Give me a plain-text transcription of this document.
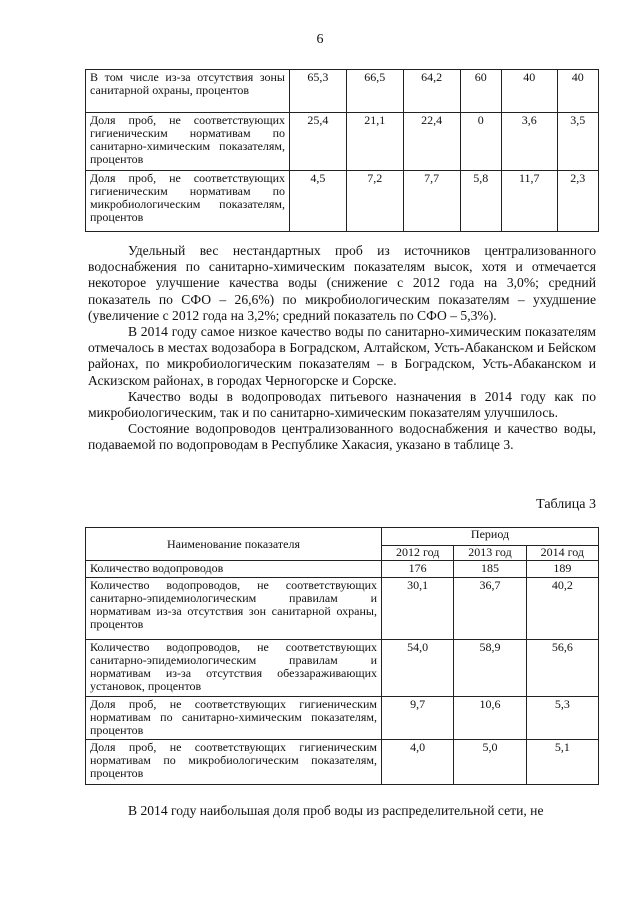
6
В том числе из-за отсутствия зоны санитарной охраны, процентов	65,3	66,5	64,2	60	40	40
Доля проб, не соответствующих гигиеническим нормативам по санитарно-химическим показателям, процентов	25,4	21,1	22,4	0	3,6	3,5
Доля проб, не соответствующих гигиеническим нормативам по микробиологическим показателям, процентов	4,5	7,2	7,7	5,8	11,7	2,3

Удельный вес нестандартных проб из источников централизованного водоснабжения по санитарно-химическим показателям высок, хотя и отмечается некоторое улучшение качества воды (снижение с 2012 года на 3,0%; средний показатель по СФО – 26,6%) по микробиологическим показателям – ухудшение (увеличение с 2012 года на 3,2%; средний показатель по СФО – 5,3%).

В 2014 году самое низкое качество воды по санитарно-химическим показателям отмечалось в местах водозабора в Боградском, Алтайском, Усть-Абаканском и Бейском районах, по микробиологическим показателям – в Боградском, Усть-Абаканском и Аскизском районах, в городах Черногорске и Сорске.

Качество воды в водопроводах питьевого назначения в 2014 году как по микробиологическим, так и по санитарно-химическим показателям улучшилось.

Состояние водопроводов централизованного водоснабжения и качество воды, подаваемой по водопроводам в Республике Хакасия, указано в таблице 3.

Таблица 3
Наименование показателя	Период		
	2012 год	2013 год	2014 год
Количество водопроводов	176	185	189
Количество водопроводов, не соответствующих санитарно-эпидемиологическим правилам и нормативам из-за отсутствия зон санитарной охраны, процентов	30,1	36,7	40,2
Количество водопроводов, не соответствующих санитарно-эпидемиологическим правилам и нормативам из-за отсутствия обеззараживающих установок, процентов	54,0	58,9	56,6
Доля проб, не соответствующих гигиеническим нормативам по санитарно-химическим показателям, процентов	9,7	10,6	5,3
Доля проб, не соответствующих гигиеническим нормативам по микробиологическим показателям, процентов	4,0	5,0	5,1

В 2014 году наибольшая доля проб воды из распределительной сети, не
